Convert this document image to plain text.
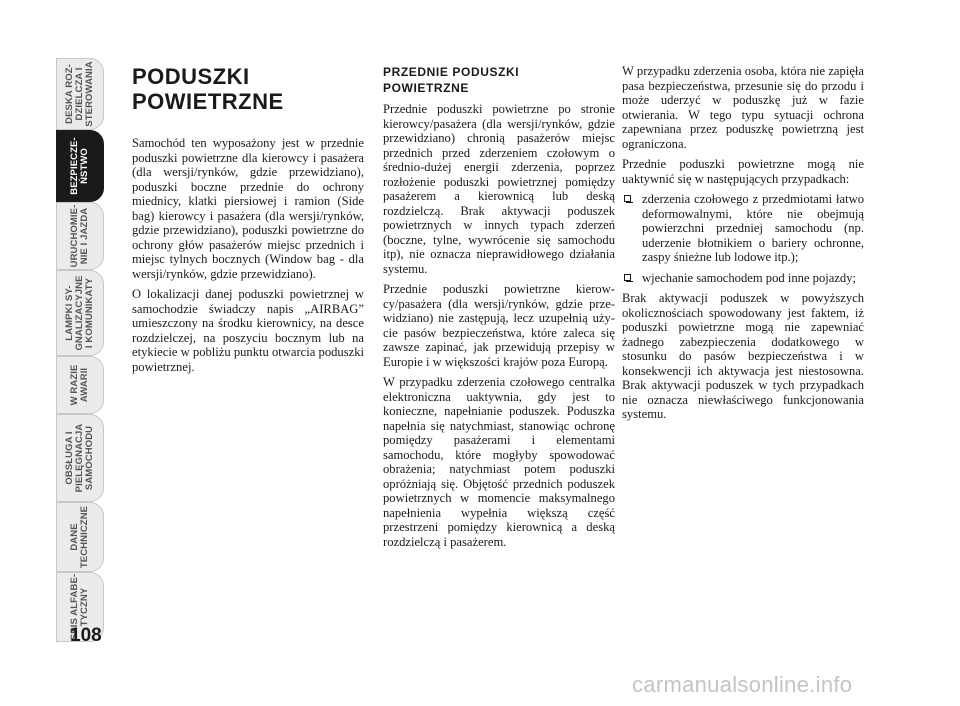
DESKA ROZ-
DZIELCZA I
STEROWANIA
BEZPIECZE-
ŃSTWO
URUCHOMIE-
NIE I JAZDA
LAMPKI SY-
GNALIZACYJNE
I KOMUNIKATY
W RAZIE
AWARII
OBSŁUGA I
PIELĘGNACJA
SAMOCHODU
DANE
TECHNICZNE
SPIS ALFABE-
TYCZNY
108
PODUSZKI
POWIETRZNE

Samochód ten wyposażony jest w przednie poduszki powietrzne dla kierowcy i pasażera (dla wersji/rynków, gdzie przewidziano), poduszki boczne przednie do ochrony miednicy, klatki piersiowej i ramion (Side bag) kierowcy i pasażera (dla wersji/rynków, gdzie przewidziano), poduszki powietrzne do ochrony głów pasażerów miejsc przednich i miejsc tylnych bocznych (Window bag - dla wersji/rynków, gdzie przewidziano).

O lokalizacji danej poduszki powietrznej w samochodzie świadczy napis „AIRBAG” umieszczony na środku kierownicy, na desce rozdzielczej, na poszyciu bocznym lub na etykiecie w pobliżu punktu otwarcia poduszki powietrznej.

PRZEDNIE PODUSZKI
POWIETRZNE

Przednie poduszki powietrzne po stronie kierowcy/pasażera (dla wersji/rynków, gdzie przewidziano) chronią pasażerów miejsc przednich przed zderzeniem czołowym o średnio-dużej energii zderzenia, poprzez rozłożenie poduszki powietrznej pomiędzy pasażerem a kierownicą lub deską rozdzielczą. Brak aktywacji poduszek powietrznych w innych typach zderzeń (boczne, tylne, wywrócenie się samochodu itp), nie oznacza nieprawidłowego działania systemu.

Przednie poduszki powietrzne kierowcy/pasażera (dla wersji/rynków, gdzie przewidziano) nie zastępują, lecz uzupełnią użycie pasów bezpieczeństwa, które zaleca się zawsze zapinać, jak przewidują przepisy w Europie i w większości krajów poza Europą.

W przypadku zderzenia czołowego centralka elektroniczna uaktywnia, gdy jest to konieczne, napełnianie poduszek. Poduszka napełnia się natychmiast, stanowiąc ochronę pomiędzy pasażerami i elementami samochodu, które mogłyby spowodować obrażenia; natychmiast potem poduszki opróżniają się. Objętość przednich poduszek powietrznych w momencie maksymalnego napełnienia wypełnia większą część przestrzeni pomiędzy kierownicą a deską rozdzielczą i pasażerem.

W przypadku zderzenia osoba, która nie zapięła pasa bezpieczeństwa, przesunie się do przodu i może uderzyć w poduszkę już w fazie otwierania. W tego typu sytuacji ochrona zapewniana przez poduszkę powietrzną jest ograniczona.

Przednie poduszki powietrzne mogą nie uaktywnić się w następujących przypadkach:

zderzenia czołowego z przedmiotami łatwo deformowalnymi, które nie obejmują powierzchni przedniej samochodu (np. uderzenie błotnikiem o bariery ochronne, zaspy śnieżne lub lodowe itp.);
wjechanie samochodem pod inne pojazdy;

Brak aktywacji poduszek w powyższych okolicznościach spowodowany jest faktem, iż poduszki powietrzne mogą nie zapewniać żadnego zabezpieczenia dodatkowego w stosunku do pasów bezpieczeństwa i w konsekwencji ich aktywacja jest niestosowna. Brak aktywacji poduszek w tych przypadkach nie oznacza niewłaściwego funkcjonowania systemu.

carmanualsonline.info
